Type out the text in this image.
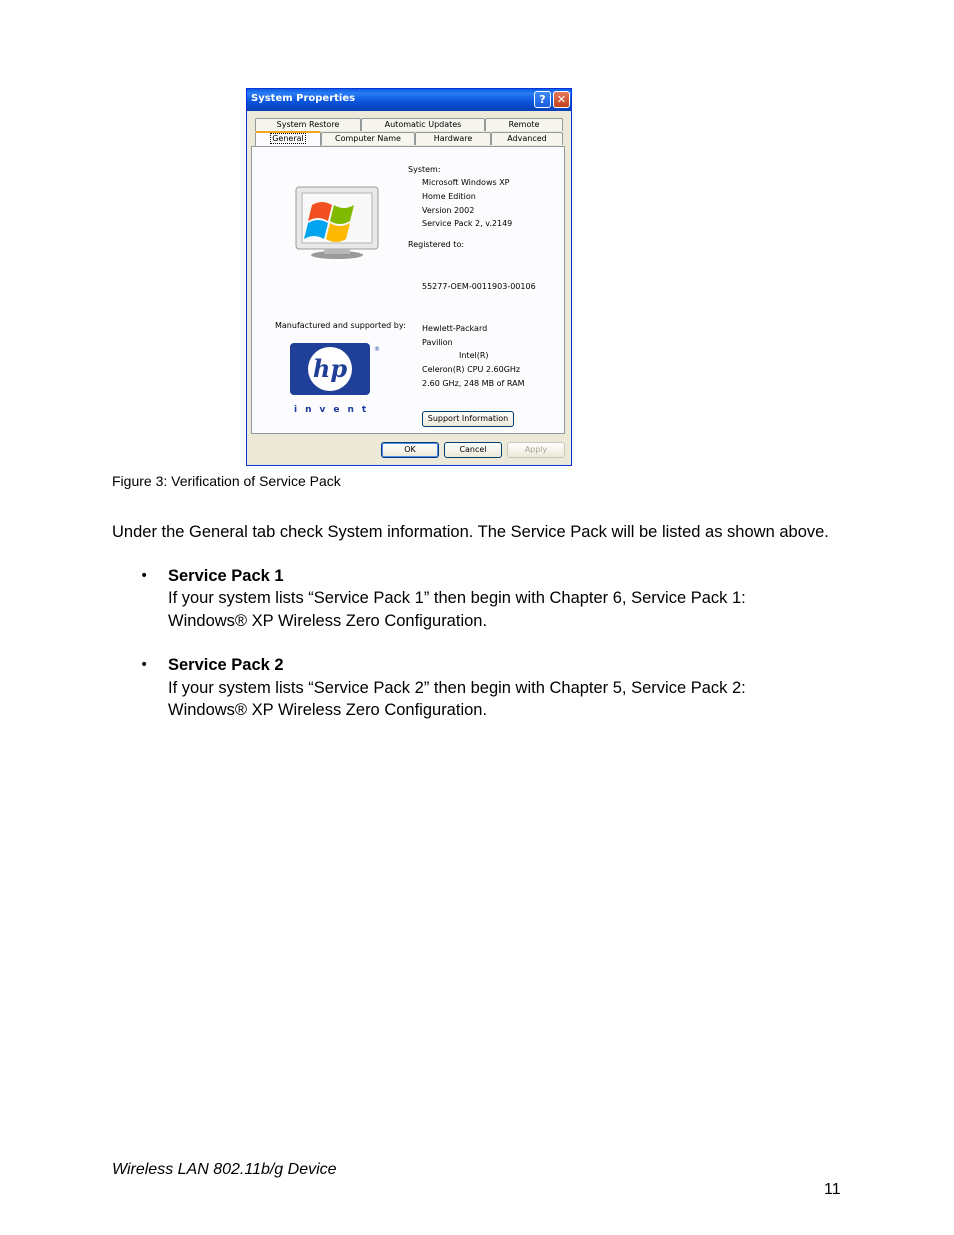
System Properties	?	✕
System Restore	Automatic Updates	Remote
General	Computer Name	Hardware	Advanced
System:
Microsoft Windows XP
Home Edition
Version 2002
Service Pack 2, v.2149
Registered to:
55277-OEM-0011903-00106
Manufactured and supported by: Hewlett-Packard
Pavilion
Intel(R)
Celeron(R) CPU 2.60GHz
2.60 GHz, 248 MB of RAM
hp
®
invent
Support Information
OK	Cancel	Apply
Figure 3: Verification of Service Pack
Under the General tab check System information. The Service Pack will be listed as shown above.
• Service Pack 1
If your system lists “Service Pack 1” then begin with Chapter 6, Service Pack 1:
Windows® XP Wireless Zero Configuration.
• Service Pack 2
If your system lists “Service Pack 2” then begin with Chapter 5, Service Pack 2:
Windows® XP Wireless Zero Configuration.
Wireless LAN 802.11b/g Device
11
